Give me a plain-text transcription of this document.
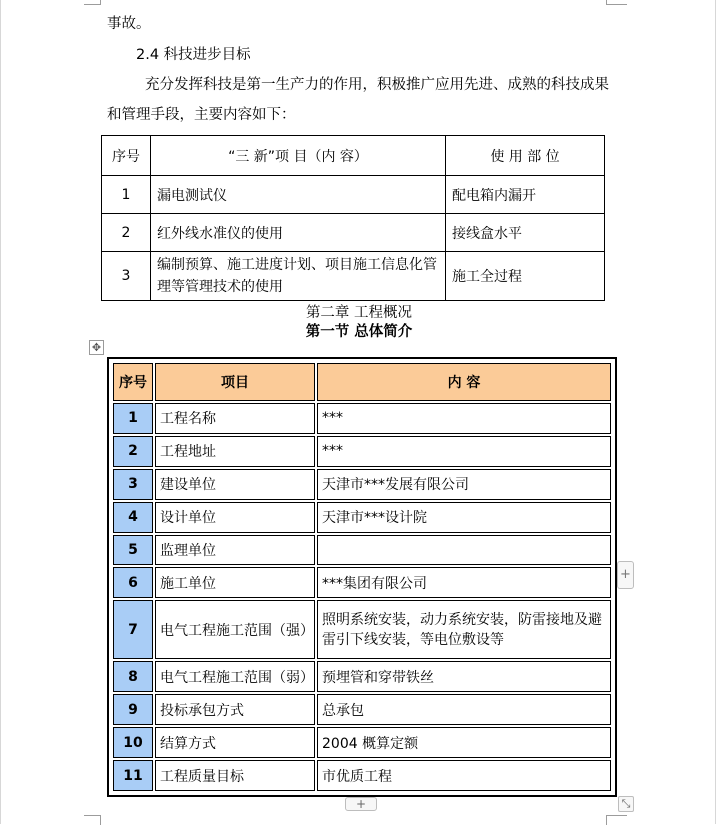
事故。
2.4 科技进步目标
充分发挥科技是第一生产力的作用，积极推广应用先进、成熟的科技成果
和管理手段，主要内容如下：
序号	“三 新”项 目（内 容）	使 用 部 位
1	漏电测试仪	配电箱内漏开
2	红外线水准仪的使用	接线盒水平
3	编制预算、施工进度计划、项目施工信息化管理等管理技术的使用	施工全过程
第二章 工程概况
第一节 总体简介
✥
序号	项目	内 容
1	工程名称	***
2	工程地址	***
3	建设单位	天津市***发展有限公司
4	设计单位	天津市***设计院
5	监理单位	
6	施工单位	***集团有限公司
7	电气工程施工范围（强）	照明系统安装，动力系统安装，防雷接地及避雷引下线安装，等电位敷设等
8	电气工程施工范围（弱）	预埋管和穿带铁丝
9	投标承包方式	总承包
10	结算方式	2004 概算定额
11	工程质量目标	市优质工程
+
+	⤡
